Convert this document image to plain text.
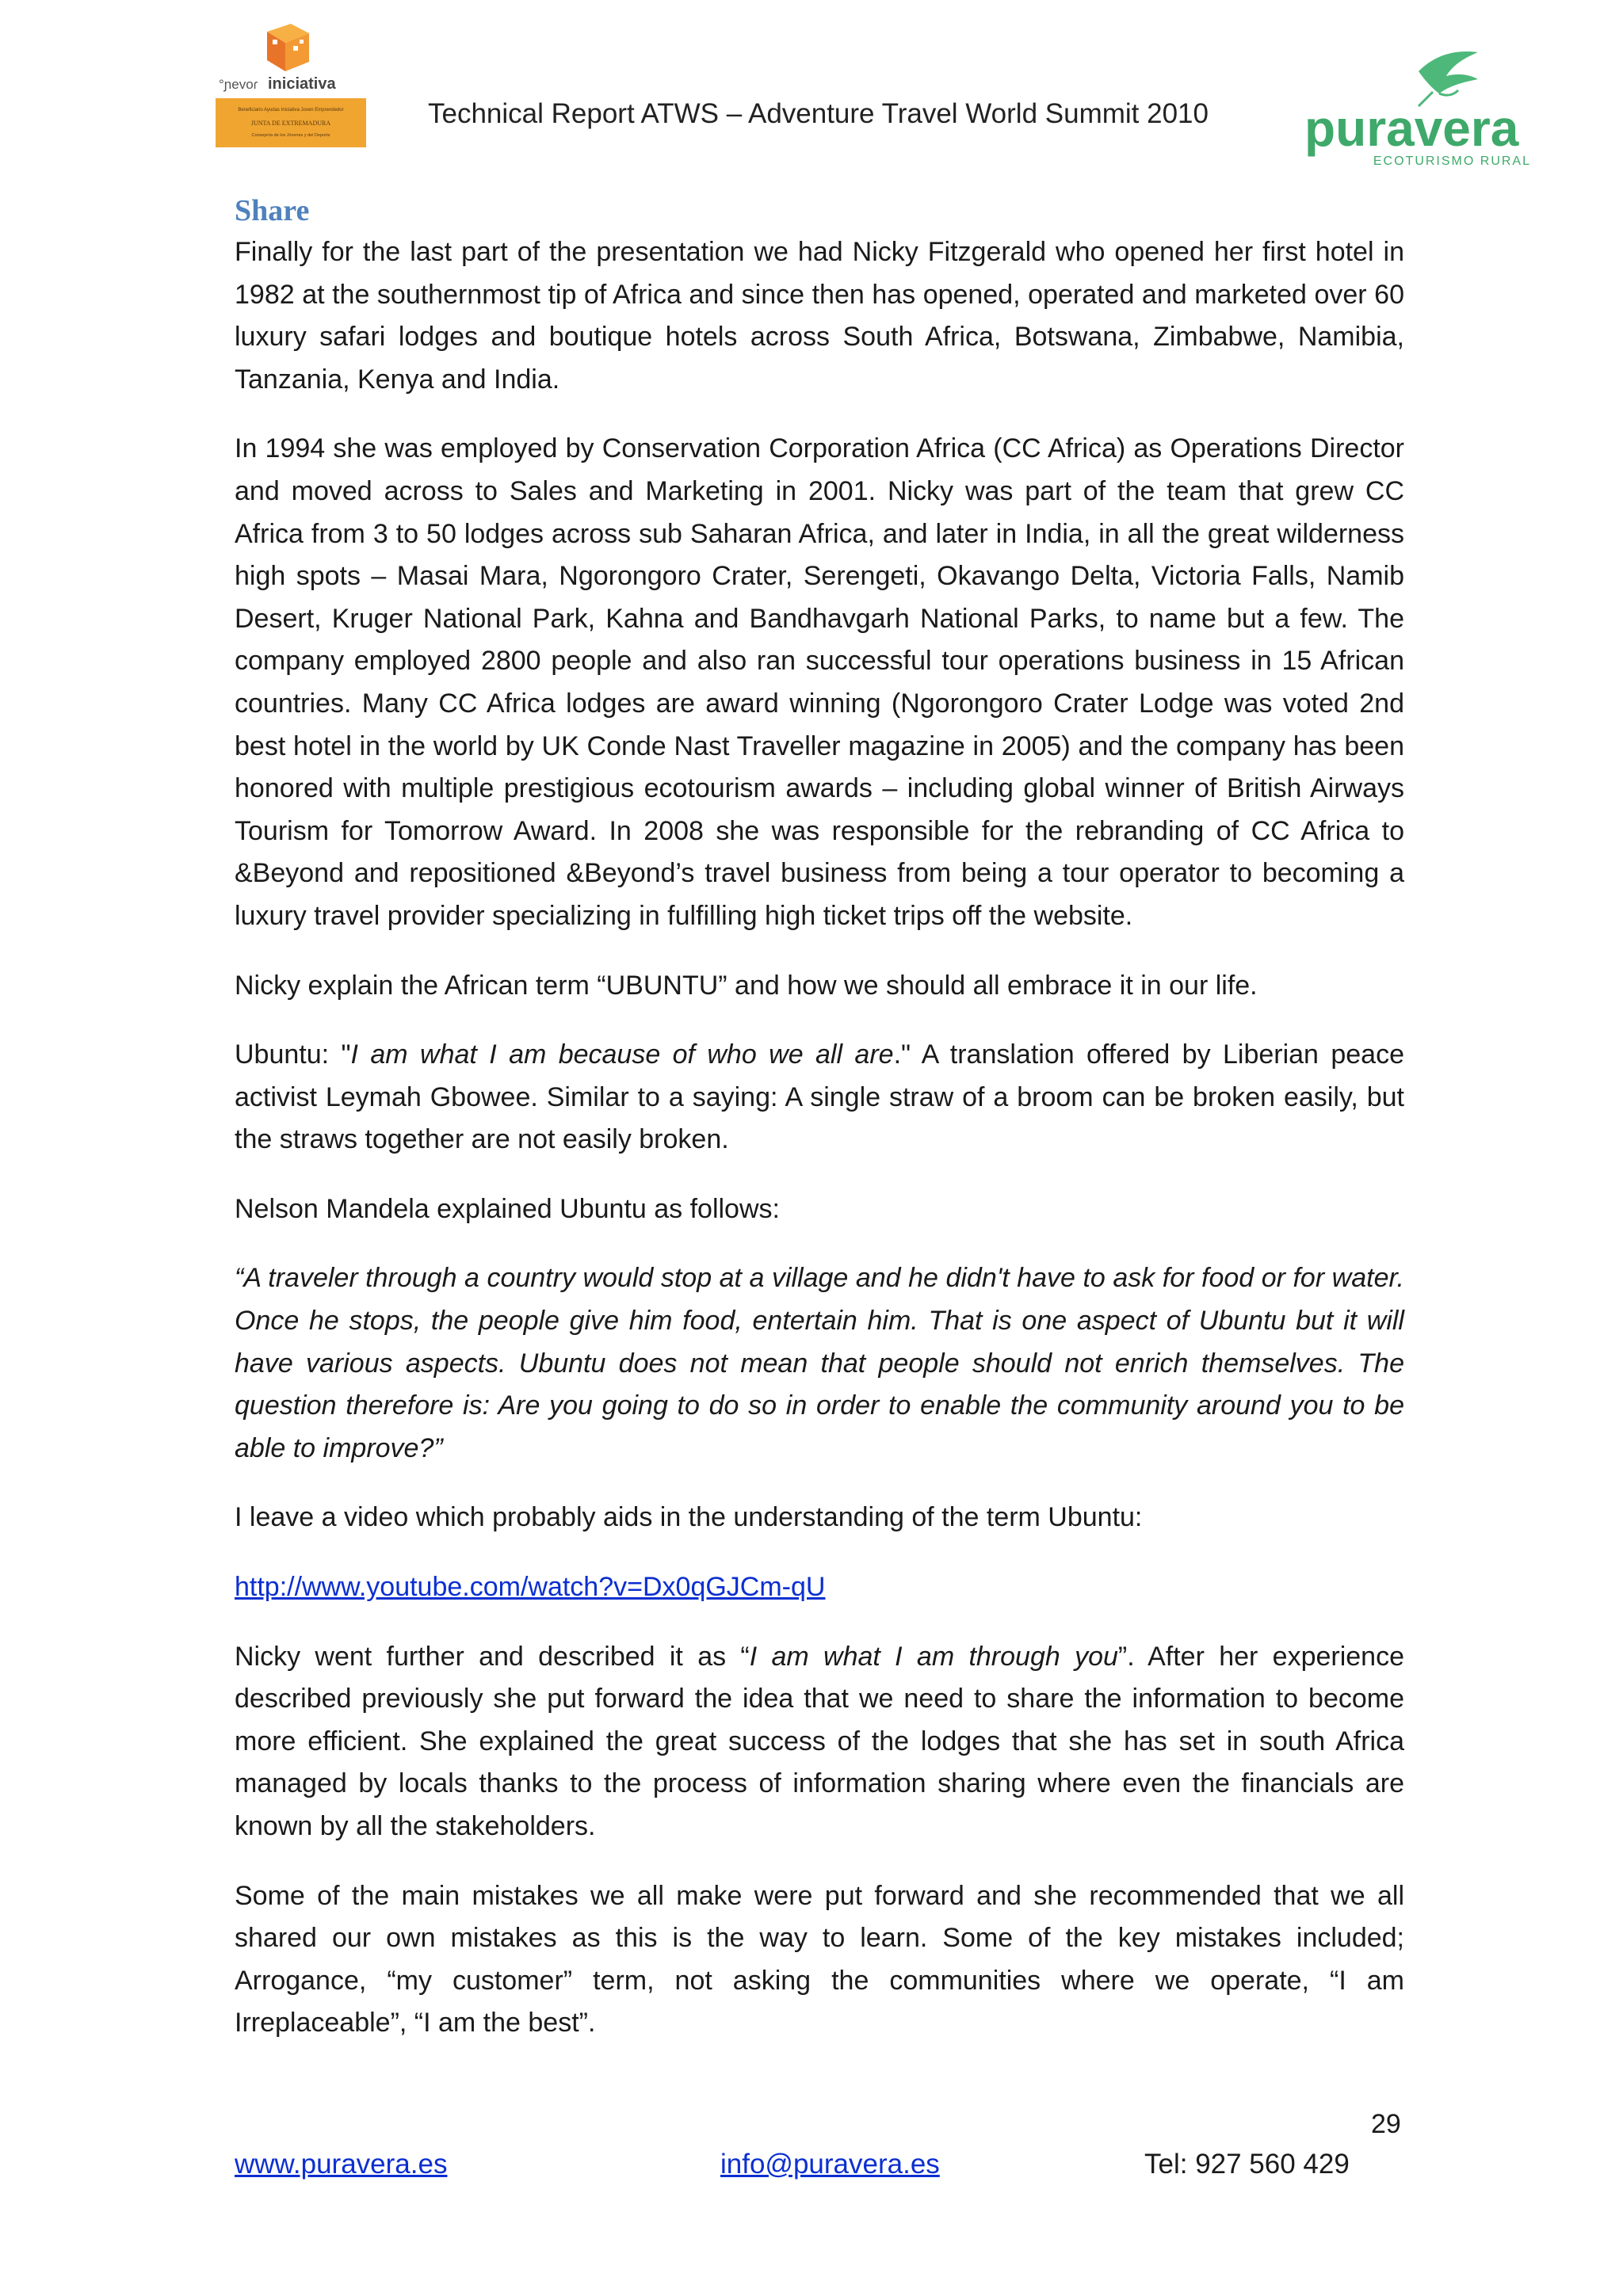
°ɲevoɾ iniciativa
Beneficiario Ayudas Iniciativa Joven Emprendedor
JUNTA DE EXTREMADURA
Consejería de los Jóvenes y del Deporte
Technical Report ATWS – Adventure Travel World Summit 2010 puravera
ECOTURISMO RURAL
Share

Finally for the last part of the presentation we had Nicky Fitzgerald who opened her first hotel in 1982 at the southernmost tip of Africa and since then has opened, operated and marketed over 60 luxury safari lodges and boutique hotels across South Africa, Botswana, Zimbabwe, Namibia, Tanzania, Kenya and India.

In 1994 she was employed by Conservation Corporation Africa (CC Africa) as Operations Director and moved across to Sales and Marketing in 2001. Nicky was part of the team that grew CC Africa from 3 to 50 lodges across sub Saharan Africa, and later in India, in all the great wilderness high spots – Masai Mara, Ngorongoro Crater, Serengeti, Okavango Delta, Victoria Falls, Namib Desert, Kruger National Park, Kahna and Bandhavgarh National Parks, to name but a few. The company employed 2800 people and also ran successful tour operations business in 15 African countries. Many CC Africa lodges are award winning (Ngorongoro Crater Lodge was voted 2nd best hotel in the world by UK Conde Nast Traveller magazine in 2005) and the company has been honored with multiple prestigious ecotourism awards – including global winner of British Airways Tourism for Tomorrow Award. In 2008 she was responsible for the rebranding of CC Africa to &Beyond and repositioned &Beyond’s travel business from being a tour operator to becoming a luxury travel provider specializing in fulfilling high ticket trips off the website.

Nicky explain the African term “UBUNTU” and how we should all embrace it in our life.

Ubuntu: "I am what I am because of who we all are." A translation offered by Liberian peace activist Leymah Gbowee. Similar to a saying: A single straw of a broom can be broken easily, but the straws together are not easily broken.

Nelson Mandela explained Ubuntu as follows:

“A traveler through a country would stop at a village and he didn't have to ask for food or for water. Once he stops, the people give him food, entertain him. That is one aspect of Ubuntu but it will have various aspects. Ubuntu does not mean that people should not enrich themselves. The question therefore is: Are you going to do so in order to enable the community around you to be able to improve?”

I leave a video which probably aids in the understanding of the term Ubuntu:

http://www.youtube.com/watch?v=Dx0qGJCm-qU

Nicky went further and described it as “I am what I am through you”. After her experience described previously she put forward the idea that we need to share the information to become more efficient. She explained the great success of the lodges that she has set in south Africa managed by locals thanks to the process of information sharing where even the financials are known by all the stakeholders.

Some of the main mistakes we all make were put forward and she recommended that we all shared our own mistakes as this is the way to learn. Some of the key mistakes included; Arrogance, “my customer” term, not asking the communities where we operate, “I am Irreplaceable”, “I am the best”.

29
www.puravera.es	info@puravera.es	Tel: 927 560 429
